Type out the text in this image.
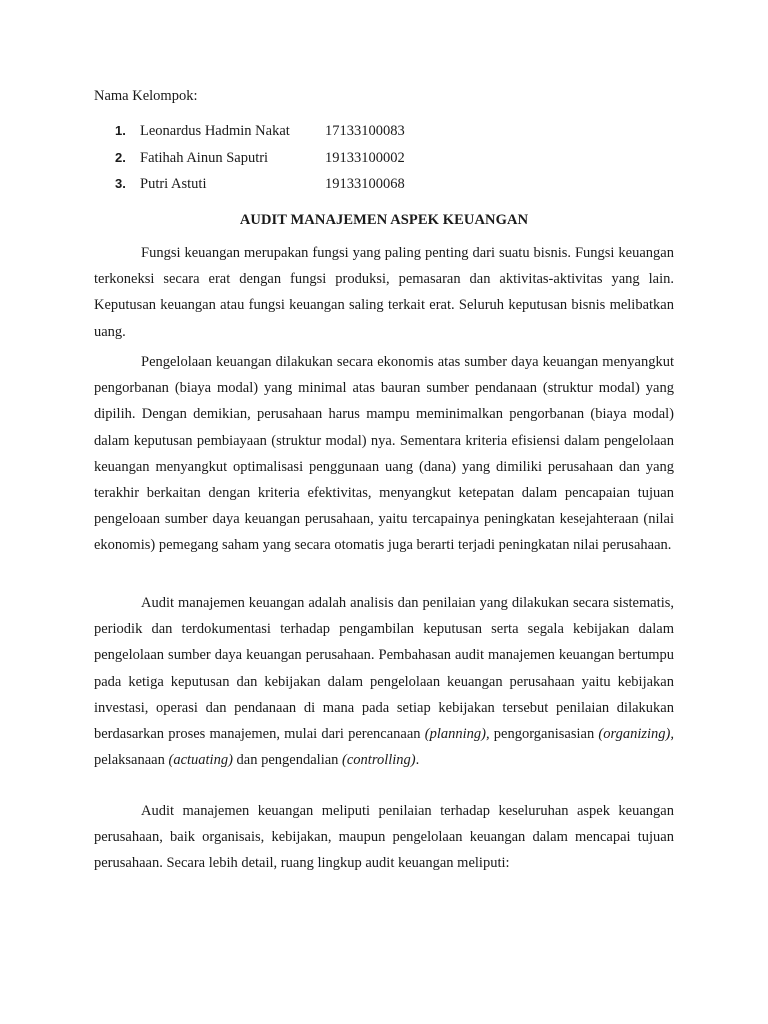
Nama Kelompok:
1. Leonardus Hadmin Nakat 17133100083
2. Fatihah Ainun Saputri	19133100002
3. Putri Astuti	19133100068
AUDIT MANAJEMEN ASPEK KEUANGAN

Fungsi keuangan merupakan fungsi yang paling penting dari suatu bisnis. Fungsi keuangan terkoneksi secara erat dengan fungsi produksi, pemasaran dan aktivitas-aktivitas yang lain. Keputusan keuangan atau fungsi keuangan saling terkait erat. Seluruh keputusan bisnis melibatkan uang.

Pengelolaan keuangan dilakukan secara ekonomis atas sumber daya keuangan menyangkut pengorbanan (biaya modal) yang minimal atas bauran sumber pendanaan (struktur modal) yang dipilih. Dengan demikian, perusahaan harus mampu meminimalkan pengorbanan (biaya modal) dalam keputusan pembiayaan (struktur modal) nya. Sementara kriteria efisiensi dalam pengelolaan keuangan menyangkut optimalisasi penggunaan uang (dana) yang dimiliki perusahaan dan yang terakhir berkaitan dengan kriteria efektivitas, menyangkut ketepatan dalam pencapaian tujuan pengeloaan sumber daya keuangan perusahaan, yaitu tercapainya peningkatan kesejahteraan (nilai ekonomis) pemegang saham yang secara otomatis juga berarti terjadi peningkatan nilai perusahaan.

Audit manajemen keuangan adalah analisis dan penilaian yang dilakukan secara sistematis, periodik dan terdokumentasi terhadap pengambilan keputusan serta segala kebijakan dalam pengelolaan sumber daya keuangan perusahaan. Pembahasan audit manajemen keuangan bertumpu pada ketiga keputusan dan kebijakan dalam pengelolaan keuangan perusahaan yaitu kebijakan investasi, operasi dan pendanaan di mana pada setiap kebijakan tersebut penilaian dilakukan berdasarkan proses manajemen, mulai dari perencanaan (planning), pengorganisasian (organizing), pelaksanaan (actuating) dan pengendalian (controlling).

Audit manajemen keuangan meliputi penilaian terhadap keseluruhan aspek keuangan perusahaan, baik organisais, kebijakan, maupun pengelolaan keuangan dalam mencapai tujuan perusahaan. Secara lebih detail, ruang lingkup audit keuangan meliputi:
